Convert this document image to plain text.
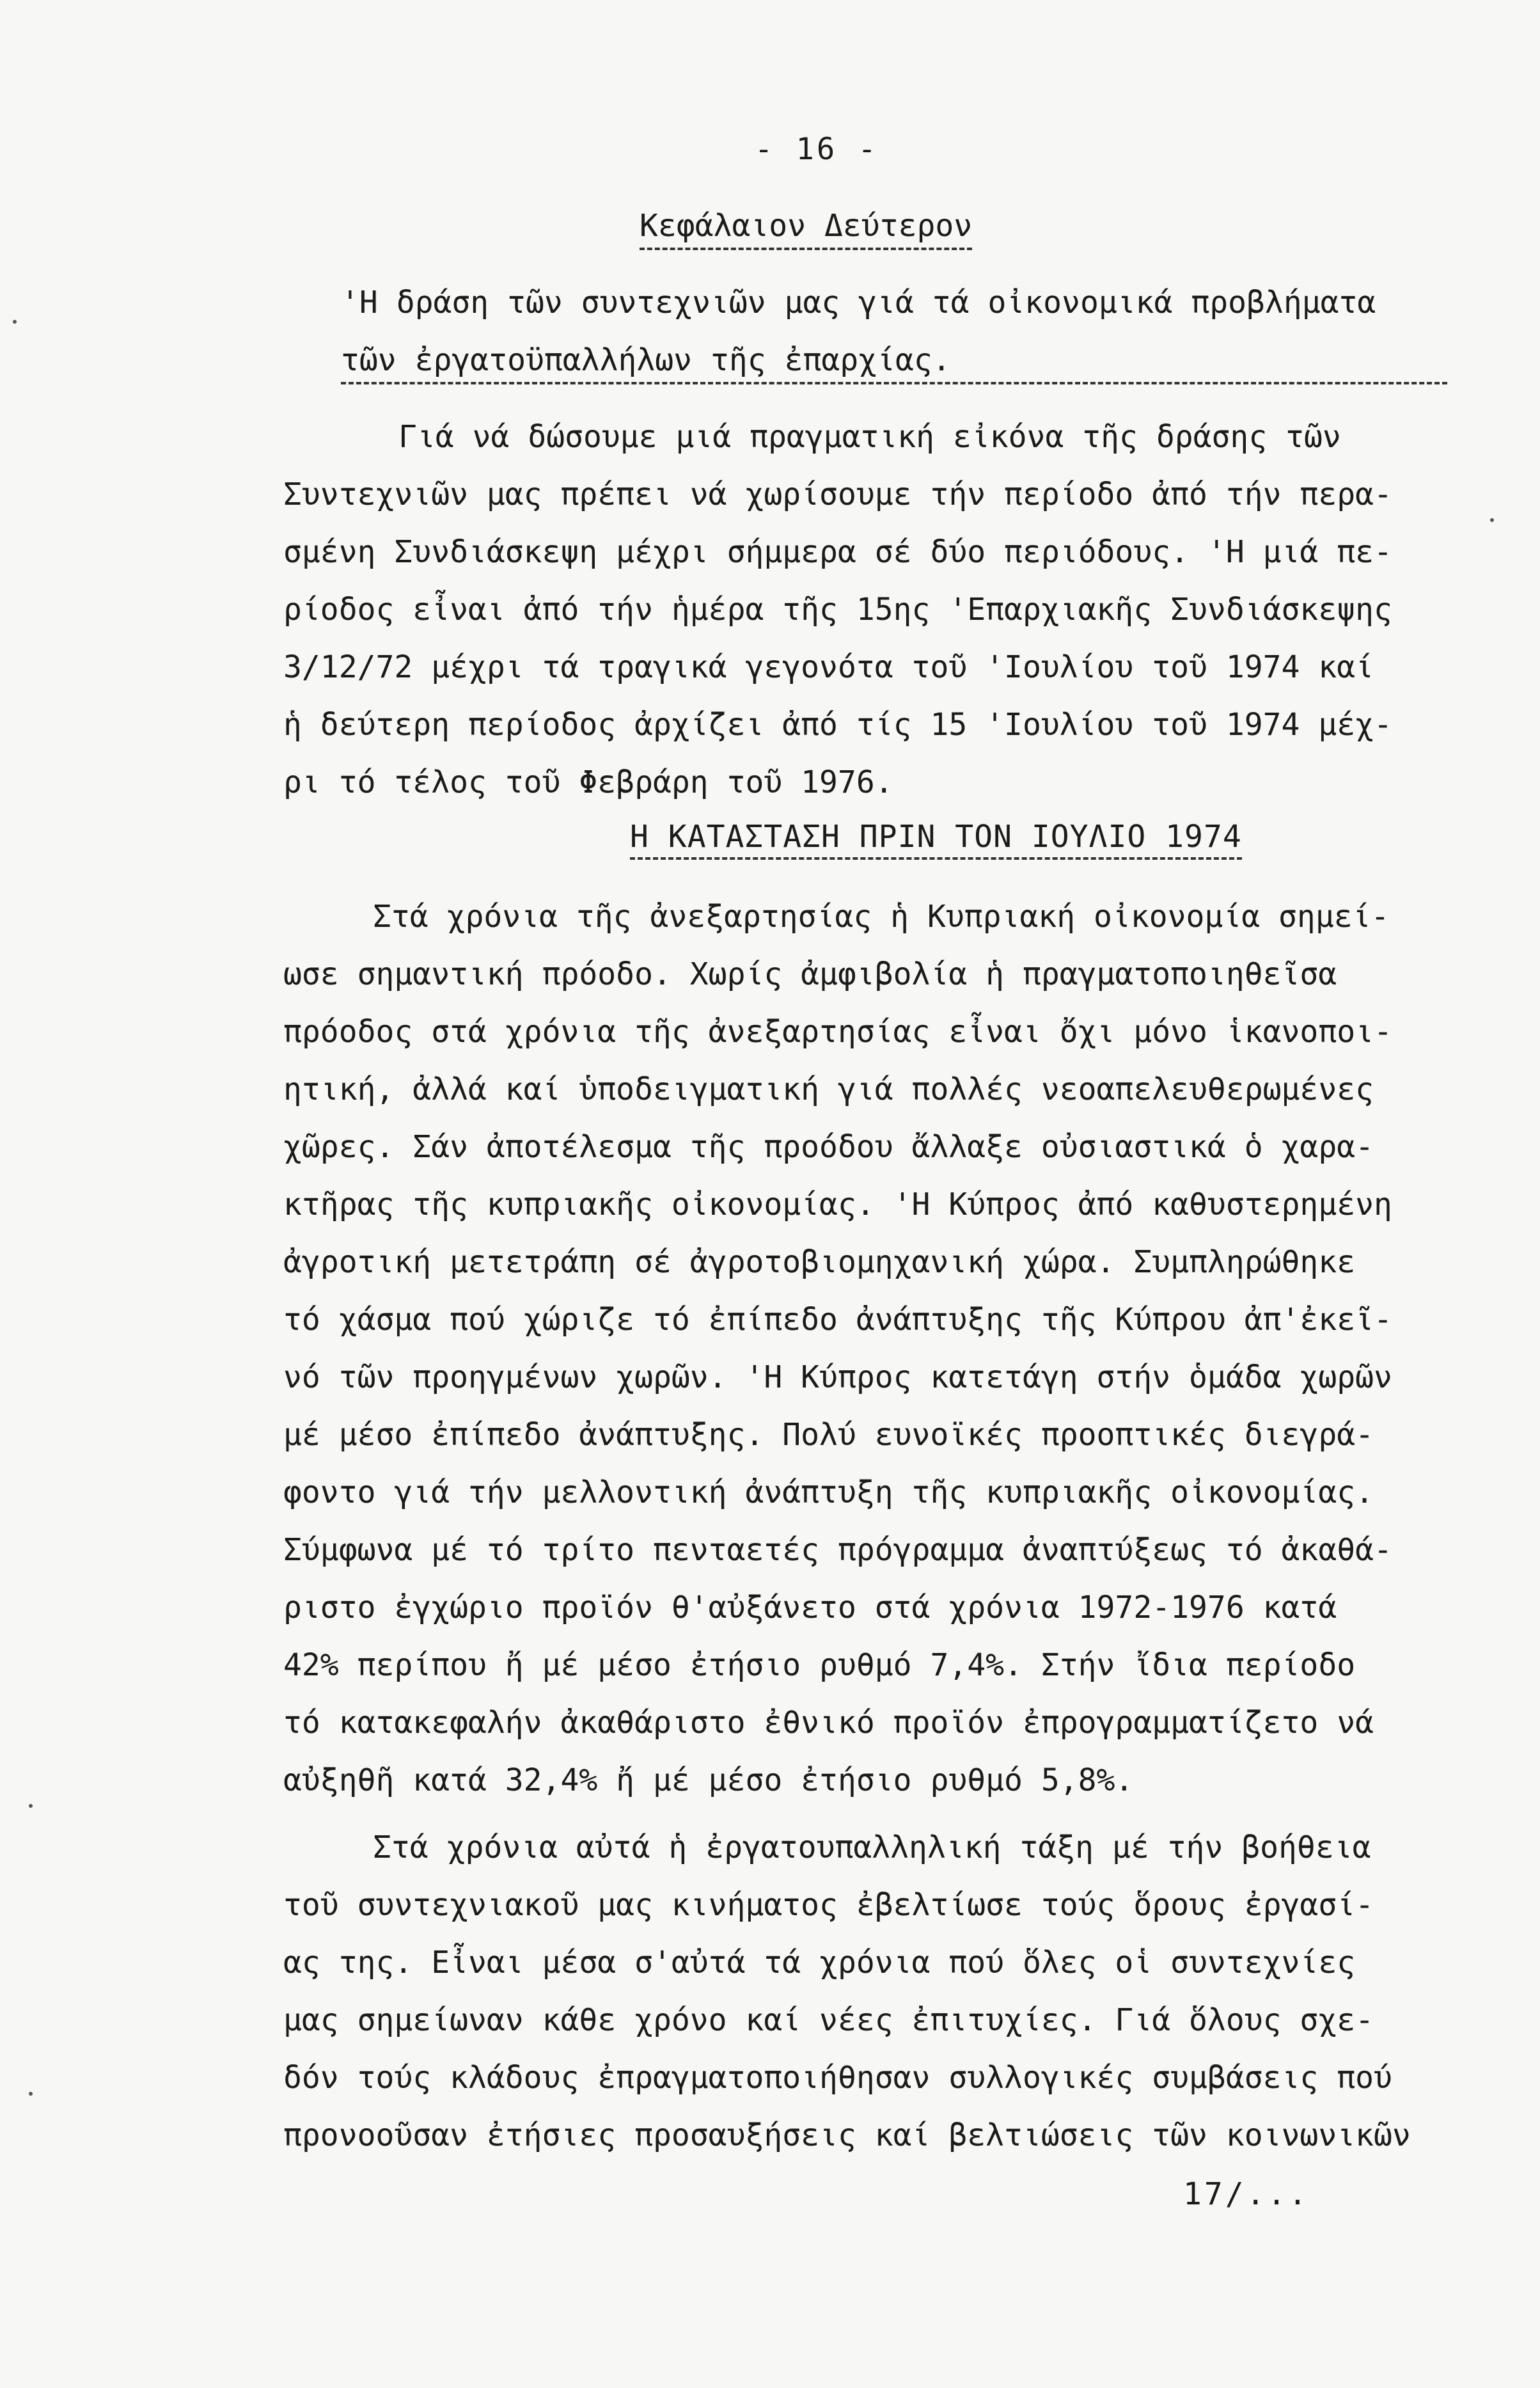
- 16 -
Κεφάλαιον Δεύτερον
'Η δράση τῶν συντεχνιῶν μας γιά τά οἰκονομικά προβλήματα
τῶν ἐργατοϋπαλλήλων τῆς ἐπαρχίας.
Γιά νά δώσουμε μιά πραγματική εἰκόνα τῆς δράσης τῶν
Συντεχνιῶν μας πρέπει νά χωρίσουμε τήν περίοδο ἀπό τήν περα-
σμένη Συνδιάσκεψη μέχρι σήμμερα σέ δύο περιόδους. 'Η μιά πε-
ρίοδος εἶναι ἀπό τήν ἡμέρα τῆς 15ης 'Επαρχιακῆς Συνδιάσκεψης
3/12/72 μέχρι τά τραγικά γεγονότα τοῦ 'Ιουλίου τοῦ 1974 καί
ἡ δεύτερη περίοδος ἀρχίζει ἀπό τίς 15 'Ιουλίου τοῦ 1974 μέχ-
ρι τό τέλος τοῦ Φεβράρη τοῦ 1976.
Η ΚΑΤΑΣΤΑΣΗ ΠΡΙΝ ΤΟΝ ΙΟΥΛΙΟ 1974
Στά χρόνια τῆς ἀνεξαρτησίας ἡ Κυπριακή οἰκονομία σημεί-
ωσε σημαντική πρόοδο. Χωρίς ἀμφιβολία ἡ πραγματοποιηθεῖσα
πρόοδος στά χρόνια τῆς ἀνεξαρτησίας εἶναι ὄχι μόνο ἱκανοποι-
ητική, ἀλλά καί ὑποδειγματική γιά πολλές νεοαπελευθερωμένες
χῶρες. Σάν ἀποτέλεσμα τῆς προόδου ἄλλαξε οὐσιαστικά ὁ χαρα-
κτῆρας τῆς κυπριακῆς οἰκονομίας. 'Η Κύπρος ἀπό καθυστερημένη
ἀγροτική μετετράπη σέ ἀγροτοβιομηχανική χώρα. Συμπληρώθηκε
τό χάσμα πού χώριζε τό ἐπίπεδο ἀνάπτυξης τῆς Κύπρου ἀπ'ἐκεῖ-
νό τῶν προηγμένων χωρῶν. 'Η Κύπρος κατετάγη στήν ὁμάδα χωρῶν
μέ μέσο ἐπίπεδο ἀνάπτυξης. Πολύ ευνοϊκές προοπτικές διεγρά-
φοντο γιά τήν μελλοντική ἀνάπτυξη τῆς κυπριακῆς οἰκονομίας.
Σύμφωνα μέ τό τρίτο πενταετές πρόγραμμα ἀναπτύξεως τό ἀκαθά-
ριστο ἐγχώριο προϊόν θ'αὐξάνετο στά χρόνια 1972-1976 κατά
42% περίπου ἤ μέ μέσο ἐτήσιο ρυθμό 7,4%. Στήν ἴδια περίοδο
τό κατακεφαλήν ἀκαθάριστο ἐθνικό προϊόν ἐπρογραμματίζετο νά
αὐξηθῆ κατά 32,4% ἤ μέ μέσο ἐτήσιο ρυθμό 5,8%.
Στά χρόνια αὐτά ἡ ἐργατουπαλληλική τάξη μέ τήν βοήθεια
τοῦ συντεχνιακοῦ μας κινήματος ἐβελτίωσε τούς ὅρους ἐργασί-
ας της. Εἶναι μέσα σ'αὐτά τά χρόνια πού ὅλες οἱ συντεχνίες
μας σημείωναν κάθε χρόνο καί νέες ἐπιτυχίες. Γιά ὅλους σχε-
δόν τούς κλάδους ἐπραγματοποιήθησαν συλλογικές συμβάσεις πού
προνοοῦσαν ἐτήσιες προσαυξήσεις καί βελτιώσεις τῶν κοινωνικῶν
17/...
